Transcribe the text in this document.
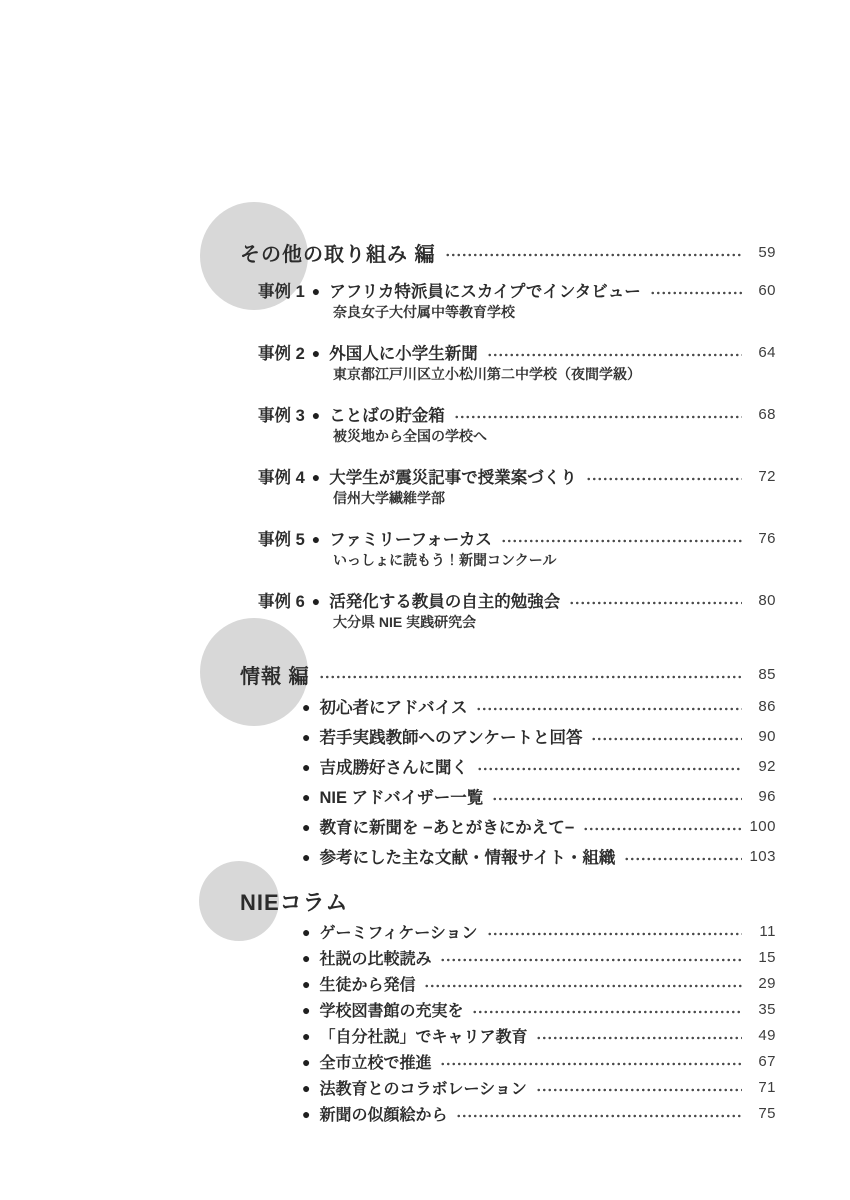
その他の取り組み 編	59
事例 1 ● アフリカ特派員にスカイプでインタビュー	60
奈良女子大付属中等教育学校
事例 2 ● 外国人に小学生新聞	64
東京都江戸川区立小松川第二中学校（夜間学級）
事例 3 ● ことばの貯金箱	68
被災地から全国の学校へ
事例 4 ● 大学生が震災記事で授業案づくり	72
信州大学繊維学部
事例 5 ● ファミリーフォーカス	76
いっしょに読もう！新聞コンクール
事例 6 ● 活発化する教員の自主的勉強会	80
大分県 NIE 実践研究会
情報 編	85
● 初心者にアドバイス	86
● 若手実践教師へのアンケートと回答	90
● 吉成勝好さんに聞く	92
● NIE アドバイザー一覧	96
● 教育に新聞を −あとがきにかえて−	100
● 参考にした主な文献・情報サイト・組織	103
NIEコラム
● ゲーミフィケーション	11
● 社説の比較読み	15
● 生徒から発信	29
● 学校図書館の充実を	35
● 「自分社説」でキャリア教育	49
● 全市立校で推進	67
● 法教育とのコラボレーション	71
● 新聞の似顔絵から	75
